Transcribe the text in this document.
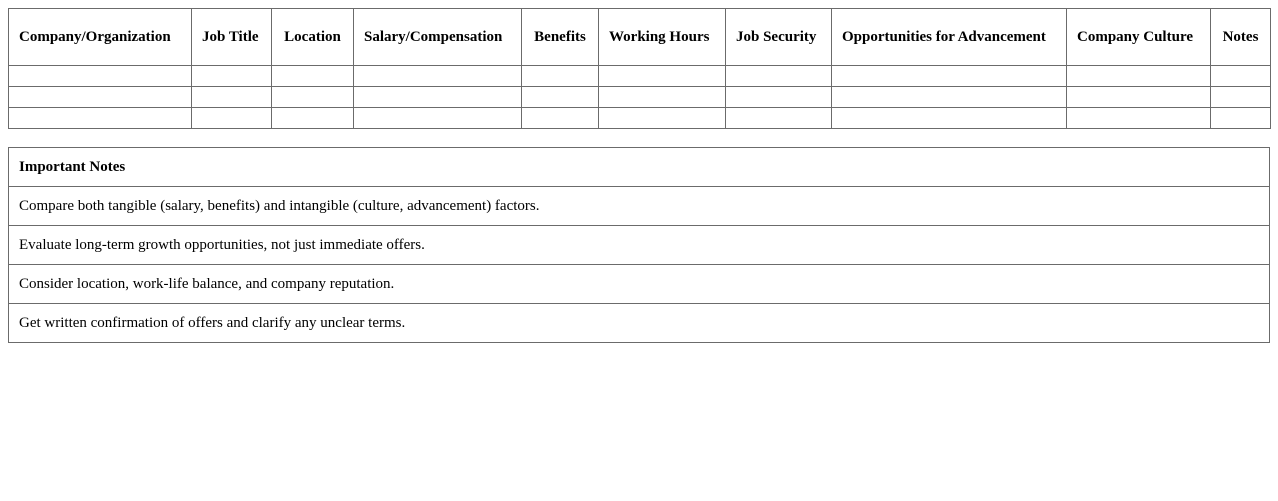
Company/Organization	Job Title	Location	Salary/Compensation	Benefits	Working Hours	Job Security	Opportunities for Advancement	Company Culture	Notes

Important Notes
Compare both tangible (salary, benefits) and intangible (culture, advancement) factors.
Evaluate long-term growth opportunities, not just immediate offers.
Consider location, work-life balance, and company reputation.
Get written confirmation of offers and clarify any unclear terms.
